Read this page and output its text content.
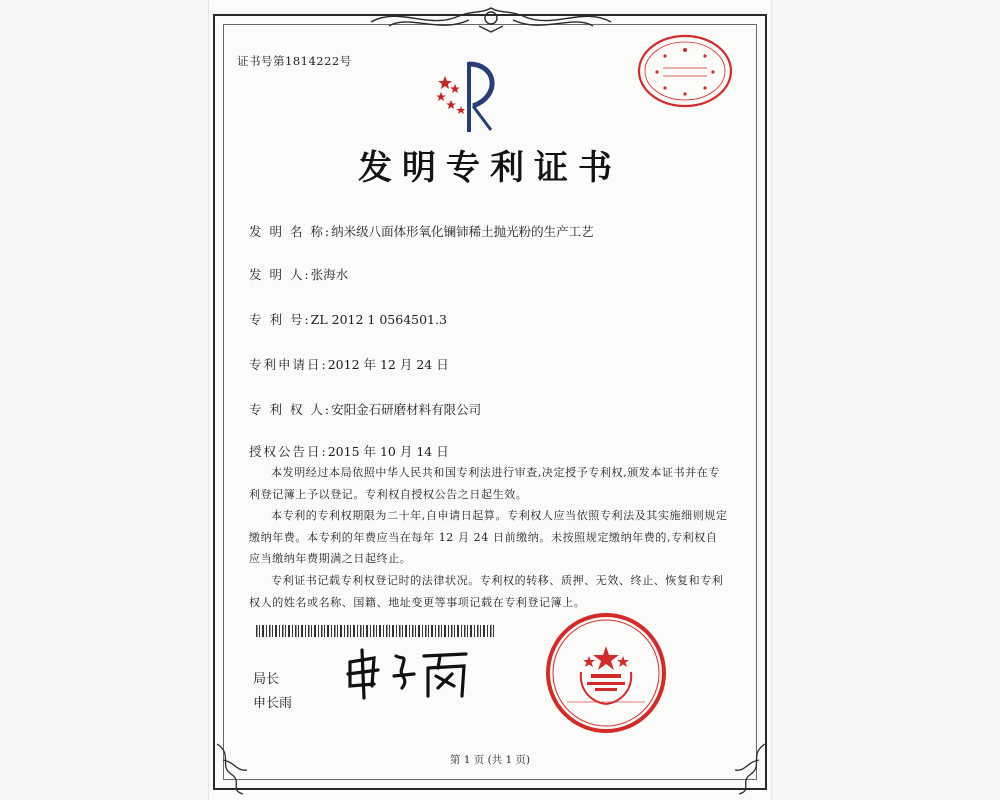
证书号第1814222号
发明专利证书
发 明 名 称:纳米级八面体形氧化镧铈稀土抛光粉的生产工艺
发 明 人:张海水
专 利 号:ZL 2012 1 0564501.3
专利申请日:2012 年 12 月 24 日
专 利 权 人:安阳金石研磨材料有限公司
授权公告日:2015 年 10 月 14 日

本发明经过本局依照中华人民共和国专利法进行审查,决定授予专利权,颁发本证书并在专利登记簿上予以登记。专利权自授权公告之日起生效。

本专利的专利权期限为二十年,自申请日起算。专利权人应当依照专利法及其实施细则规定缴纳年费。本专利的年费应当在每年 12 月 24 日前缴纳。未按照规定缴纳年费的,专利权自应当缴纳年费期满之日起终止。

专利证书记载专利权登记时的法律状况。专利权的转移、质押、无效、终止、恢复和专利权人的姓名或名称、国籍、地址变更等事项记载在专利登记簿上。

局长
申长雨
第 1 页 (共 1 页)
